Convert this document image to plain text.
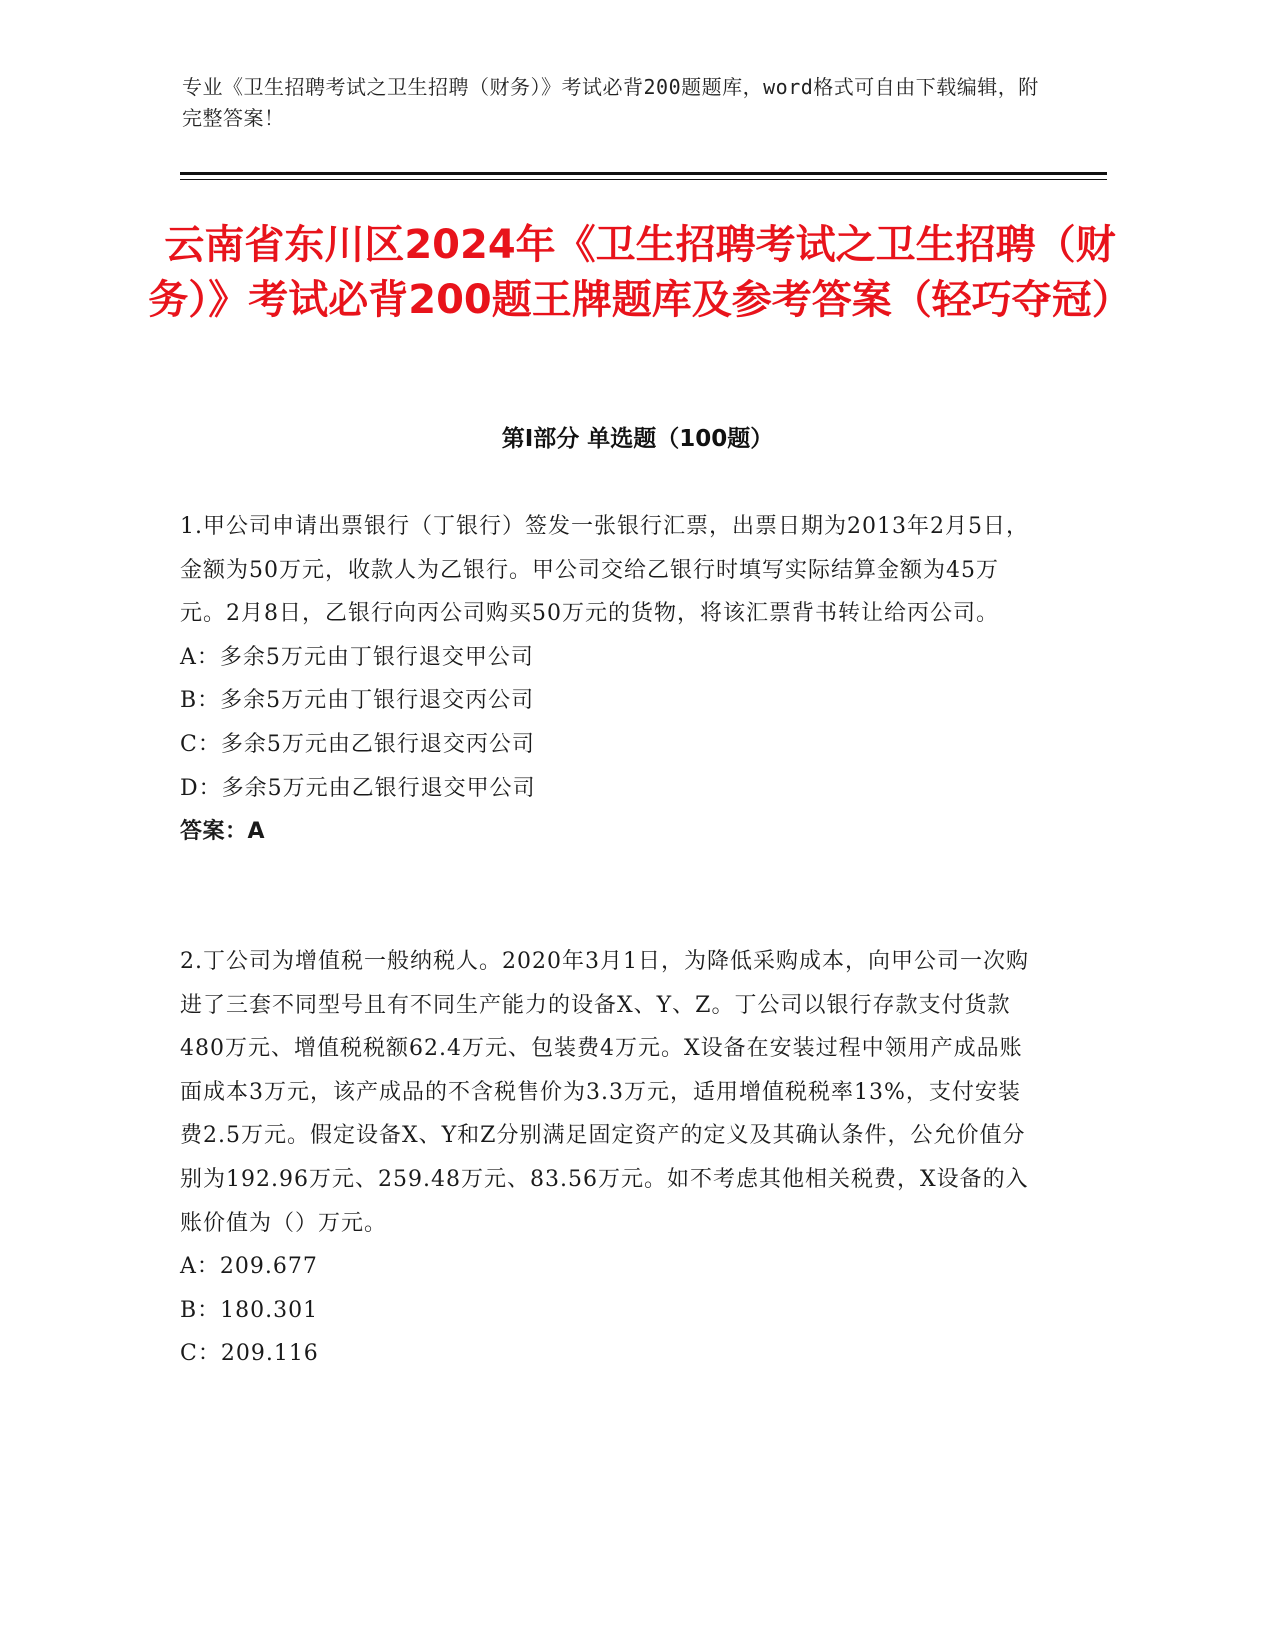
专业《卫生招聘考试之卫生招聘（财务）》考试必背200题题库，word格式可自由下载编辑，附完整答案！
云南省东川区2024年《卫生招聘考试之卫生招聘（财务）》考试必背200题王牌题库及参考答案（轻巧夺冠）
第Ⅰ部分 单选题（100题）

1.甲公司申请出票银行（丁银行）签发一张银行汇票，出票日期为2013年2月5日，金额为50万元，收款人为乙银行。甲公司交给乙银行时填写实际结算金额为45万元。2月8日，乙银行向丙公司购买50万元的货物，将该汇票背书转让给丙公司。

A：多余5万元由丁银行退交甲公司

B：多余5万元由丁银行退交丙公司

C：多余5万元由乙银行退交丙公司

D：多余5万元由乙银行退交甲公司

答案：A

2.丁公司为增值税一般纳税人。2020年3月1日，为降低采购成本，向甲公司一次购进了三套不同型号且有不同生产能力的设备X、Y、Z。丁公司以银行存款支付货款480万元、增值税税额62.4万元、包装费4万元。X设备在安装过程中领用产成品账面成本3万元，该产成品的不含税售价为3.3万元，适用增值税税率13%，支付安装费2.5万元。假定设备X、Y和Z分别满足固定资产的定义及其确认条件，公允价值分别为192.96万元、259.48万元、83.56万元。如不考虑其他相关税费，X设备的入账价值为（）万元。

A：209.677

B：180.301

C：209.116
